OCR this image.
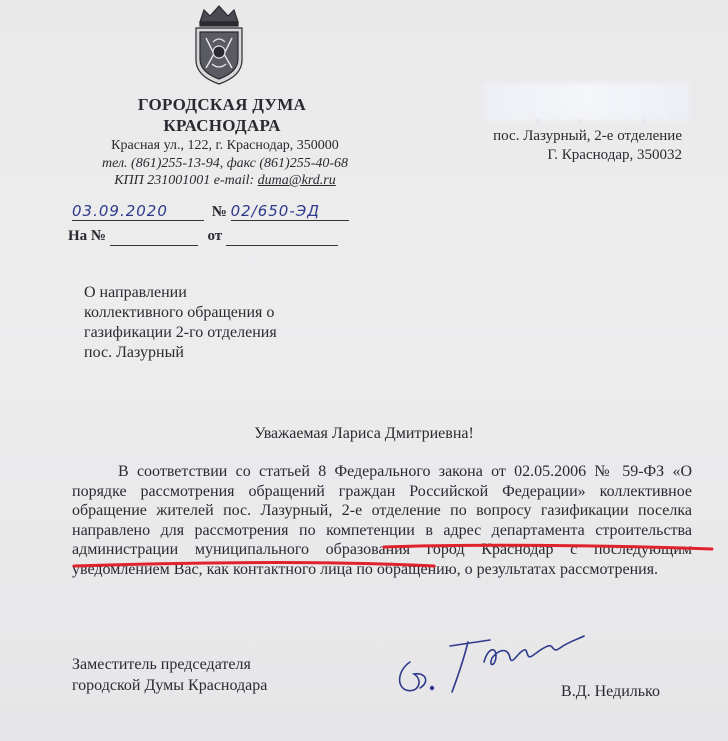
ГОРОДСКАЯ ДУМА
КРАСНОДАРА
Красная ул., 122, г. Краснодар, 350000
тел. (861)255-13-94, факс (861)255-40-68
КПП 231001001 e-mail: duma@krd.ru
пос. Лазурный, 2-е отделение
Г. Краснодар, 350032
03.09.2020	№ 02/650-ЭД
На №	от
О направлении
коллективного обращения о
газификации 2-го отделения
пос. Лазурный
Уважаемая Лариса Дмитриевна!

В соответствии со статьей 8 Федерального закона от 02.05.2006 № 59-ФЗ «О порядке рассмотрения обращений граждан Российской Федерации» коллективное обращение жителей пос. Лазурный, 2-е отделение по вопросу газификации поселка направлено для рассмотрения по компетенции в адрес департамента строительства администрации муниципального образования город Краснодар с последующим уведомлением Вас, как контактного лица по обращению, о результатах рассмотрения.

Заместитель председателя
городской Думы Краснодара	В.Д. Недилько
